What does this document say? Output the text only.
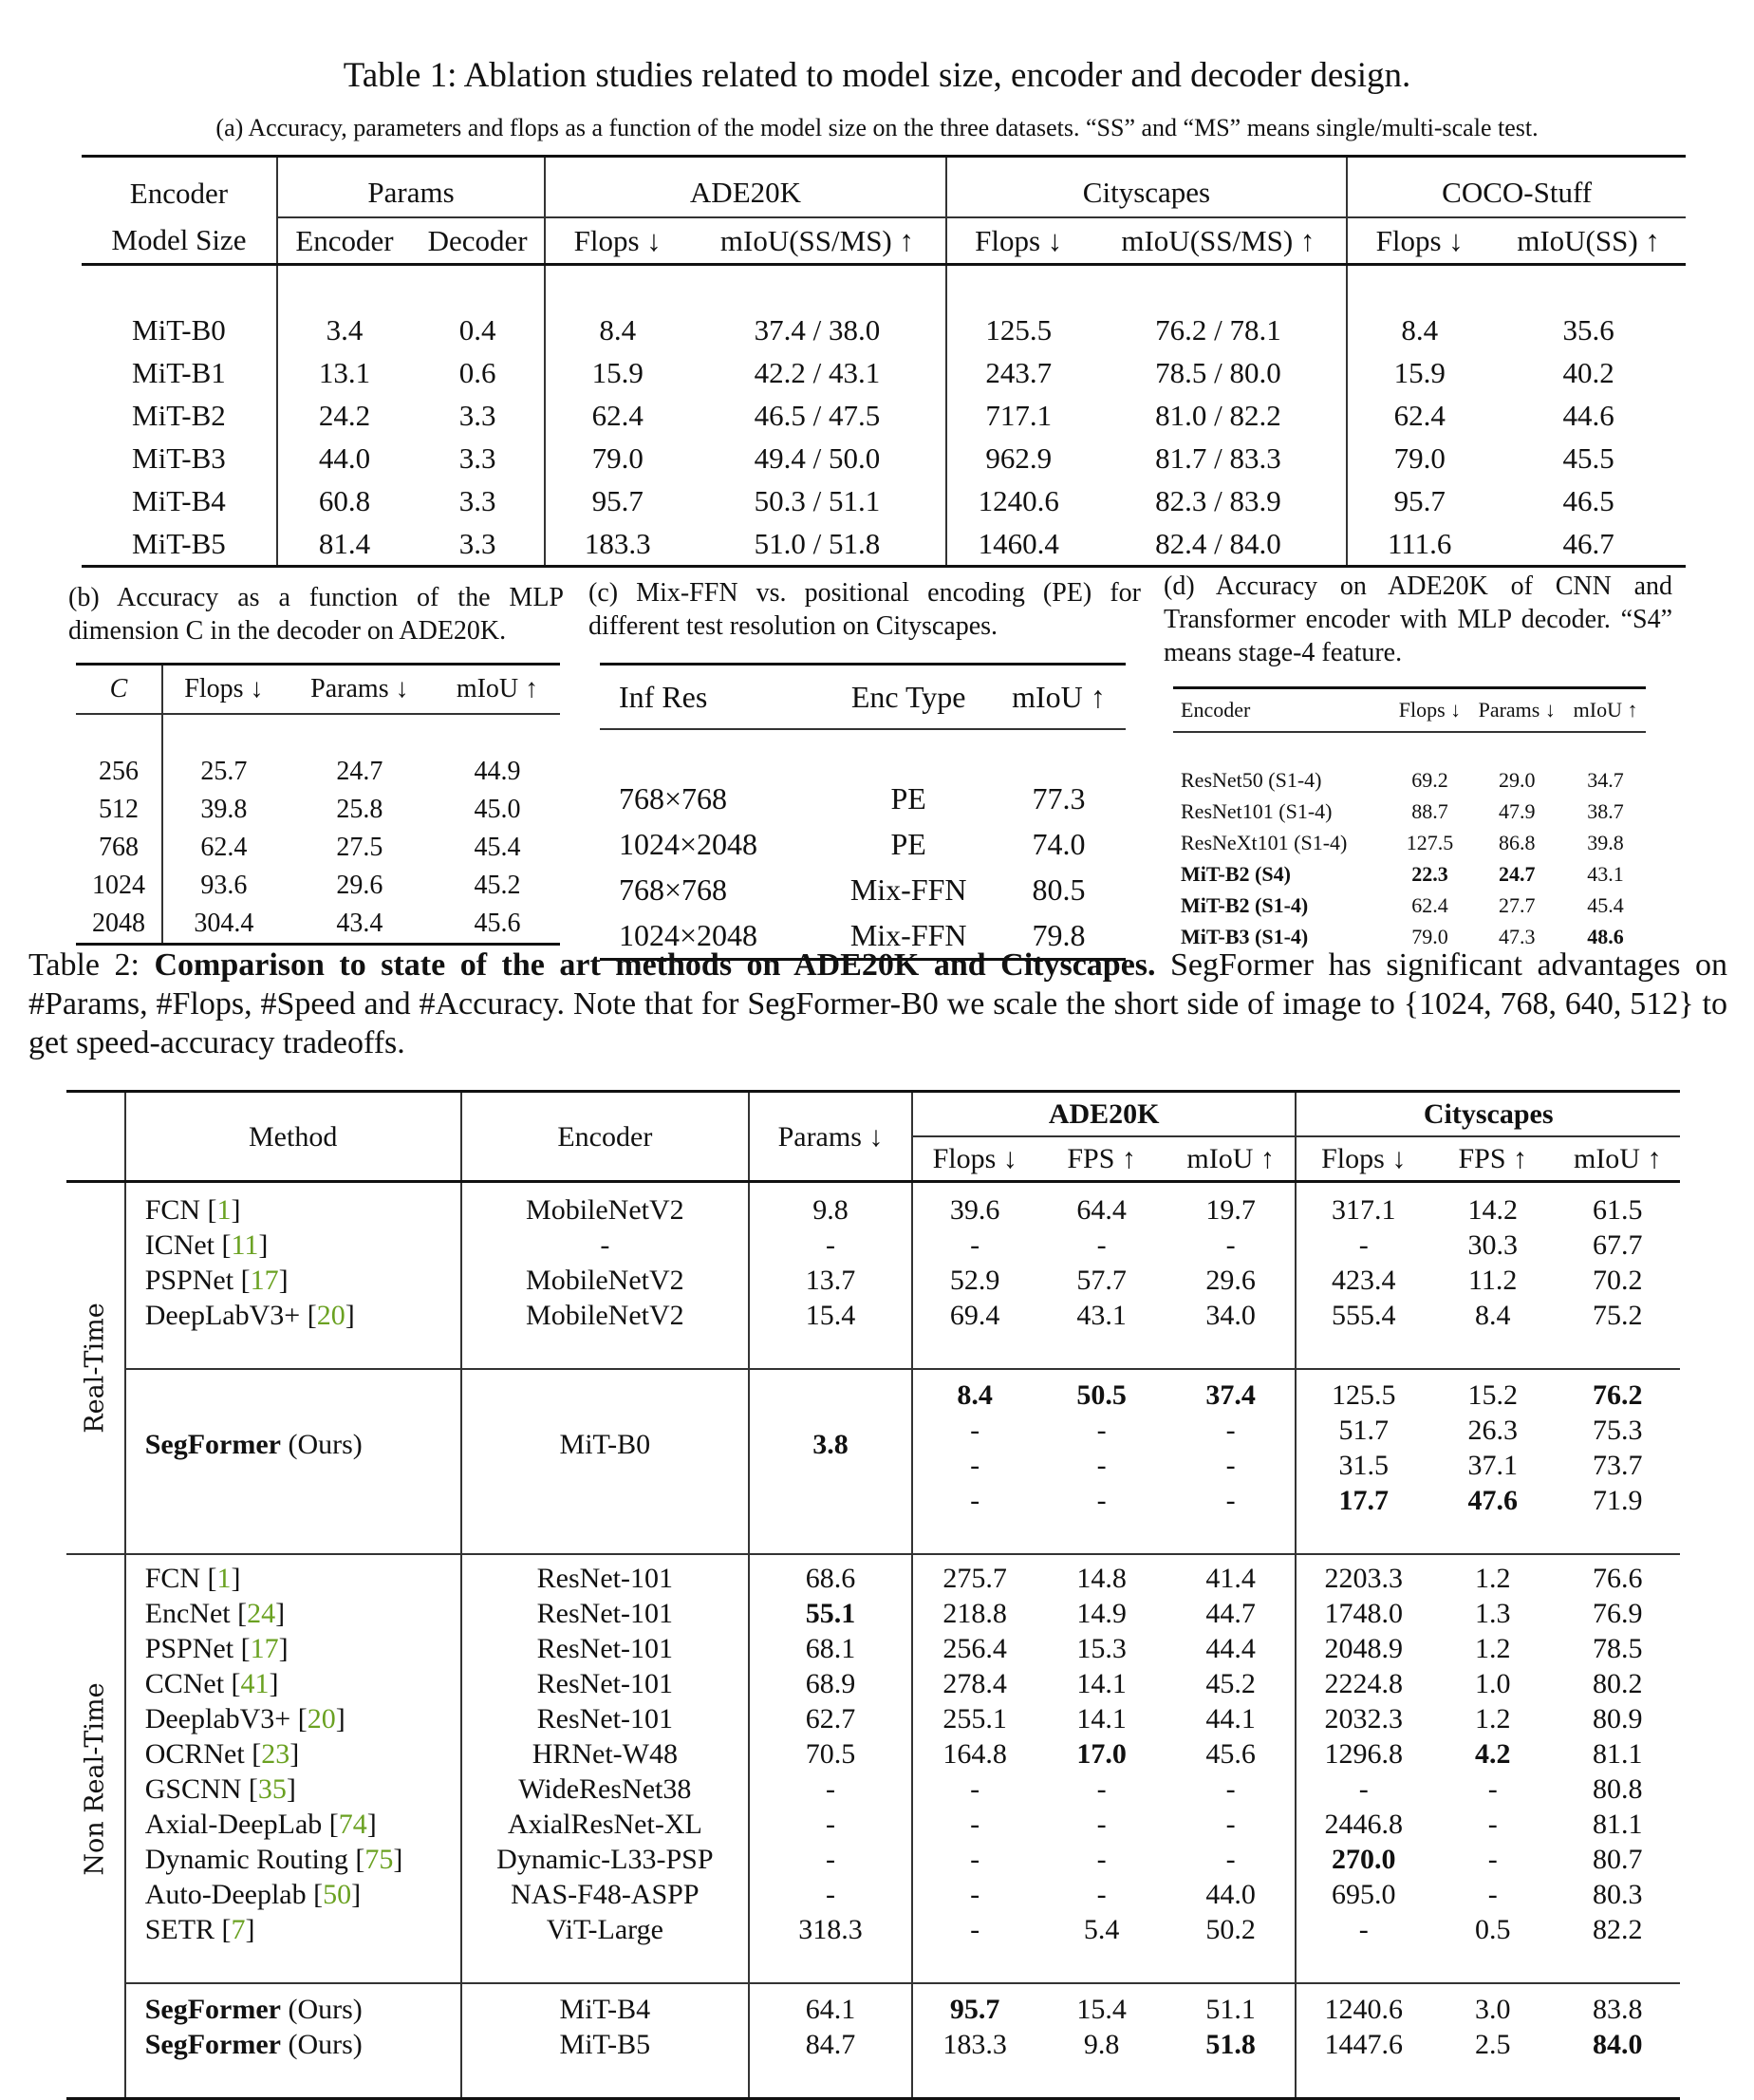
Table 1: Ablation studies related to model size, encoder and decoder design.
(a) Accuracy, parameters and flops as a function of the model size on the three datasets. “SS” and “MS” means single/multi-scale test.
Encoder	Params		ADE20K		Cityscapes		COCO-Stuff	
Model Size	Encoder	Decoder	Flops ↓	mIoU(SS/MS) ↑	Flops ↓	mIoU(SS/MS) ↑	Flops ↓	mIoU(SS) ↑

MiT-B0	3.4	0.4	8.4	37.4 / 38.0	125.5	76.2 / 78.1	8.4	35.6
MiT-B1	13.1	0.6	15.9	42.2 / 43.1	243.7	78.5 / 80.0	15.9	40.2
MiT-B2	24.2	3.3	62.4	46.5 / 47.5	717.1	81.0 / 82.2	62.4	44.6
MiT-B3	44.0	3.3	79.0	49.4 / 50.0	962.9	81.7 / 83.3	79.0	45.5
MiT-B4	60.8	3.3	95.7	50.3 / 51.1	1240.6	82.3 / 83.9	95.7	46.5
MiT-B5	81.4	3.3	183.3	51.0 / 51.8	1460.4	82.4 / 84.0	111.6	46.7
(b) Accuracy as a function of the MLP dimension C in the decoder on ADE20K.
C	Flops ↓	Params ↓	mIoU ↑

256	25.7	24.7	44.9
512	39.8	25.8	45.0
768	62.4	27.5	45.4
1024	93.6	29.6	45.2
2048	304.4	43.4	45.6
(c) Mix-FFN vs. positional encoding (PE) for different test resolution on Cityscapes.
Inf Res	Enc Type	mIoU ↑

768×768	PE	77.3
1024×2048	PE	74.0
768×768	Mix-FFN	80.5
1024×2048	Mix-FFN	79.8
(d) Accuracy on ADE20K of CNN and Transformer encoder with MLP decoder. “S4” means stage-4 feature.
Encoder	Flops ↓	Params ↓	mIoU ↑

ResNet50 (S1-4)	69.2	29.0	34.7
ResNet101 (S1-4)	88.7	47.9	38.7
ResNeXt101 (S1-4)	127.5	86.8	39.8
MiT-B2 (S4)	22.3	24.7	43.1
MiT-B2 (S1-4)	62.4	27.7	45.4
MiT-B3 (S1-4)	79.0	47.3	48.6
Table 2: Comparison to state of the art methods on ADE20K and Cityscapes. SegFormer has significant advantages on #Params, #Flops, #Speed and #Accuracy. Note that for SegFormer-B0 we scale the short side of image to {1024, 768, 640, 512} to get speed-accuracy tradeoffs.
	Method	Encoder	Params ↓	ADE20K			Cityscapes		
				Flops ↓	FPS ↑	mIoU ↑	Flops ↓	FPS ↑	mIoU ↑

Real-Time	FCN [1]	MobileNetV2	9.8	39.6	64.4	19.7	317.1	14.2	61.5
	ICNet [11]	-	-	-	-	-	-	30.3	67.7
	PSPNet [17]	MobileNetV2	13.7	52.9	57.7	29.6	423.4	11.2	70.2
	DeepLabV3+ [20]	MobileNetV2	15.4	69.4	43.1	34.0	555.4	8.4	75.2

	SegFormer (Ours)	MiT-B0	3.8	8.4	50.5	37.4	125.5	15.2	76.2
				-	-	-	51.7	26.3	75.3
				-	-	-	31.5	37.1	73.7
				-	-	-	17.7	47.6	71.9

Non Real-Time	FCN [1]	ResNet-101	68.6	275.7	14.8	41.4	2203.3	1.2	76.6
	EncNet [24]	ResNet-101	55.1	218.8	14.9	44.7	1748.0	1.3	76.9
	PSPNet [17]	ResNet-101	68.1	256.4	15.3	44.4	2048.9	1.2	78.5
	CCNet [41]	ResNet-101	68.9	278.4	14.1	45.2	2224.8	1.0	80.2
	DeeplabV3+ [20]	ResNet-101	62.7	255.1	14.1	44.1	2032.3	1.2	80.9
	OCRNet [23]	HRNet-W48	70.5	164.8	17.0	45.6	1296.8	4.2	81.1
	GSCNN [35]	WideResNet38	-	-	-	-	-	-	80.8
	Axial-DeepLab [74]	AxialResNet-XL	-	-	-	-	2446.8	-	81.1
	Dynamic Routing [75]	Dynamic-L33-PSP	-	-	-	-	270.0	-	80.7
	Auto-Deeplab [50]	NAS-F48-ASPP	-	-	-	44.0	695.0	-	80.3
	SETR [7]	ViT-Large	318.3	-	5.4	50.2	-	0.5	82.2

	SegFormer (Ours)	MiT-B4	64.1	95.7	15.4	51.1	1240.6	3.0	83.8
	SegFormer (Ours)	MiT-B5	84.7	183.3	9.8	51.8	1447.6	2.5	84.0
